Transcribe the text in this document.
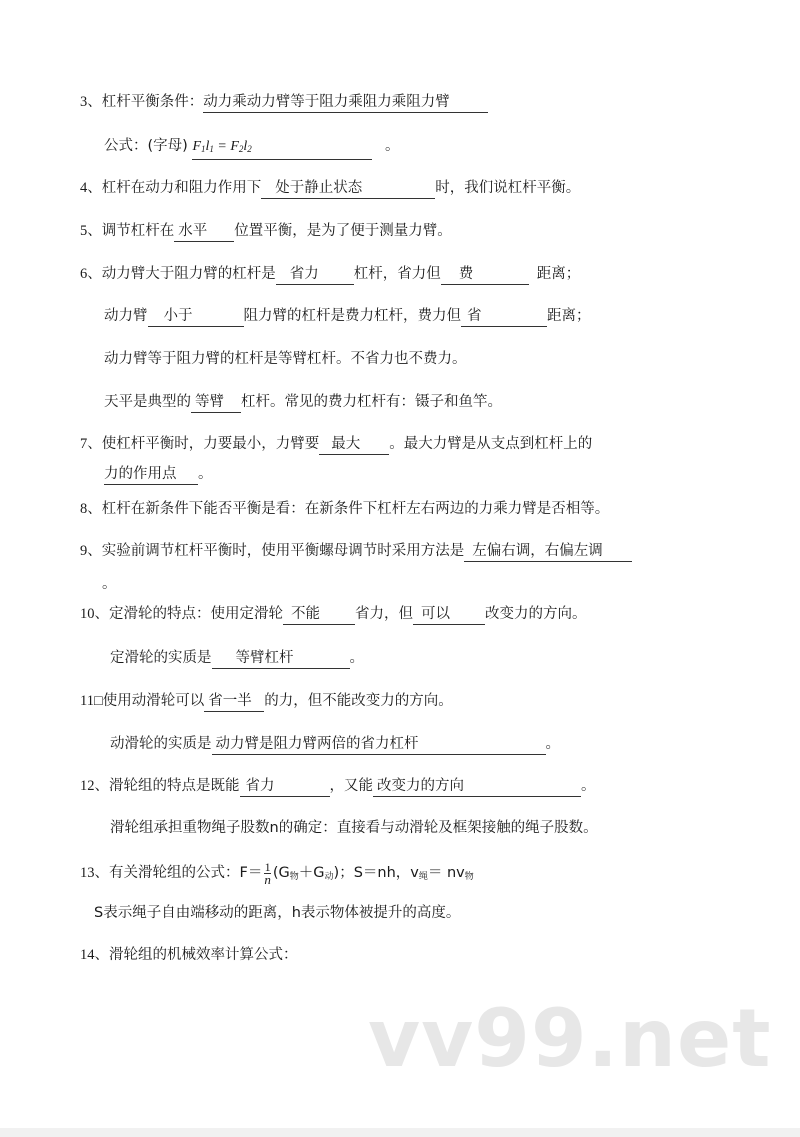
3、杠杆平衡条件：动力乘动力臂等于阻力乘阻力乘阻力臂
公式：(字母) $F_1l_1 = F_2l_2$	。
4、杠杆在动力和阻力作用下 处于静止状态	时，我们说杠杆平衡。
5、调节杠杆在 水平 位置平衡，是为了便于测量力臂。
6、动力臂大于阻力臂的杠杆是 省力 杠杆，省力但 费	距离；
动力臂 小于	阻力臂的杠杆是费力杠杆，费力但 省	距离；
动力臂等于阻力臂的杠杆是等臂杠杆。不省力也不费力。
天平是典型的 等臂 杠杆。常见的费力杠杆有：镊子和鱼竿。
7、使杠杆平衡时，力要最小，力臂要 最大 。最大力臂是从支点到杠杆上的
力的作用点 。
8、杠杆在新条件下能否平衡是看：在新条件下杠杆左右两边的力乘力臂是否相等。
9、实验前调节杠杆平衡时，使用平衡螺母调节时采用方法是 左偏右调，右偏左调
。
10、定滑轮的特点：使用定滑轮 不能 省力，但 可以 改变力的方向。
定滑轮的实质是 等臂杠杆	。
11□使用动滑轮可以 省一半 的力，但不能改变力的方向。
动滑轮的实质是 动力臂是阻力臂两倍的省力杠杆	。
12、滑轮组的特点是既能 省力	，又能 改变力的方向	。
滑轮组承担重物绳子股数n的确定：直接看与动滑轮及框架接触的绳子股数。
13、有关滑轮组的公式：$F= \frac{1}{n} (G_物+G_动)$；S＝nh，$v_绳= nv_物$
S表示绳子自由端移动的距离，h表示物体被提升的高度。
14、滑轮组的机械效率计算公式：
vv99.net
